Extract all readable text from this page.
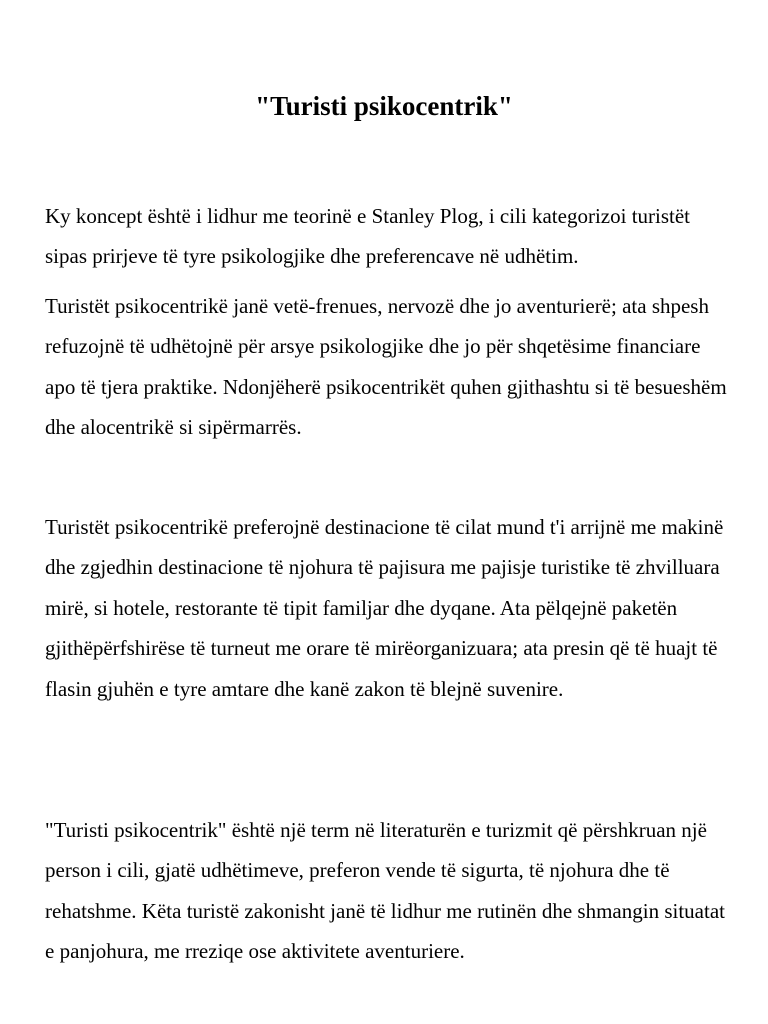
"Turisti psikocentrik"

Ky koncept është i lidhur me teorinë e Stanley Plog, i cili kategorizoi turistët sipas prirjeve të tyre psikologjike dhe preferencave në udhëtim.

Turistët psikocentrikë janë vetë-frenues, nervozë dhe jo aventurierë; ata shpesh refuzojnë të udhëtojnë për arsye psikologjike dhe jo për shqetësime financiare apo të tjera praktike. Ndonjëherë psikocentrikët quhen gjithashtu si të besueshëm dhe alocentrikë si sipërmarrës.

Turistët psikocentrikë preferojnë destinacione të cilat mund t'i arrijnë me makinë dhe zgjedhin destinacione të njohura të pajisura me pajisje turistike të zhvilluara mirë, si hotele, restorante të tipit familjar dhe dyqane. Ata pëlqejnë paketën gjithëpërfshirëse të turneut me orare të mirëorganizuara; ata presin që të huajt të flasin gjuhën e tyre amtare dhe kanë zakon të blejnë suvenire.

"Turisti psikocentrik" është një term në literaturën e turizmit që përshkruan një person i cili, gjatë udhëtimeve, preferon vende të sigurta, të njohura dhe të rehatshme. Këta turistë zakonisht janë të lidhur me rutinën dhe shmangin situatat e panjohura, me rreziqe ose aktivitete aventuriere.
